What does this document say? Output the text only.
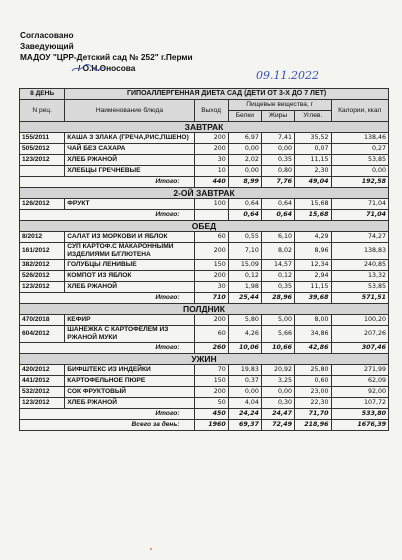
Согласовано
Заведующий
МАДОУ "ЦРР-Детский сад № 252" г.Перми
/ О.Н.Оносова
09.11.2022
8 ДЕНЬ	ГИПОАЛЛЕРГЕННАЯ ДИЕТА САД (ДЕТИ ОТ 3-Х ДО 7 ЛЕТ)					
N рец.	Наименование блюда	Выход	Пищевые вещества, г			Калории, ккал
			Белки	Жиры	Углев.	
ЗАВТРАК						
155/2011	КАША З ЗЛАКА (ГРЕЧА,РИС,ПШЕНО)	200	6,97	7,41	35,52	138,46
505/2012	ЧАЙ БЕЗ САХАРА	200	0,00	0,00	0,07	0,27
123/2012	ХЛЕБ РЖАНОЙ	30	2,02	0,35	11,15	53,85
	ХЛЕБЦЫ ГРЕЧНЕВЫЕ	10	0,00	0,80	2,30	0,00
Итого:		440	8,99	7,76	49,04	192,58
2-ОЙ ЗАВТРАК						
126/2012	ФРУКТ	100	0,64	0,64	15,68	71,04
Итого:			0,64	0,64	15,68	71,04
ОБЕД						
8/2012	САЛАТ ИЗ МОРКОВИ И ЯБЛОК	60	0,55	6,10	4,29	74,27
161/2012	СУП КАРТОФ.С МАКАРОННЫМИ ИЗДЕЛИЯМИ Б/ГЛЮТЕНА	200	7,10	8,02	8,96	138,83
382/2012	ГОЛУБЦЫ ЛЕНИВЫЕ	150	15,09	14,57	12,34	240,85
526/2012	КОМПОТ ИЗ ЯБЛОК	200	0,12	0,12	2,94	13,32
123/2012	ХЛЕБ РЖАНОЙ	30	1,98	0,35	11,15	53,85
Итого:		710	25,44	28,96	39,68	571,51
ПОЛДНИК						
470/2018	КЕФИР	200	5,80	5,00	8,00	100,20
604/2012	ШАНЕЖКА С КАРТОФЕЛЕМ ИЗ РЖАНОЙ МУКИ	60	4,26	5,66	34,86	207,26
Итого:		260	10,06	10,66	42,86	307,46
УЖИН						
420/2012	БИФШТЕКС ИЗ ИНДЕЙКИ	70	19,83	20,92	25,80	271,99
441/2012	КАРТОФЕЛЬНОЕ ПЮРЕ	150	0,37	3,25	0,60	62,09
532/2012	СОК ФРУКТОВЫЙ	200	0,00	0,00	23,00	92,00
123/2012	ХЛЕБ РЖАНОЙ	50	4,04	0,30	22,30	107,72
Итого:		450	24,24	24,47	71,70	533,80
Всего за день:		1960	69,37	72,49	218,96	1676,39
